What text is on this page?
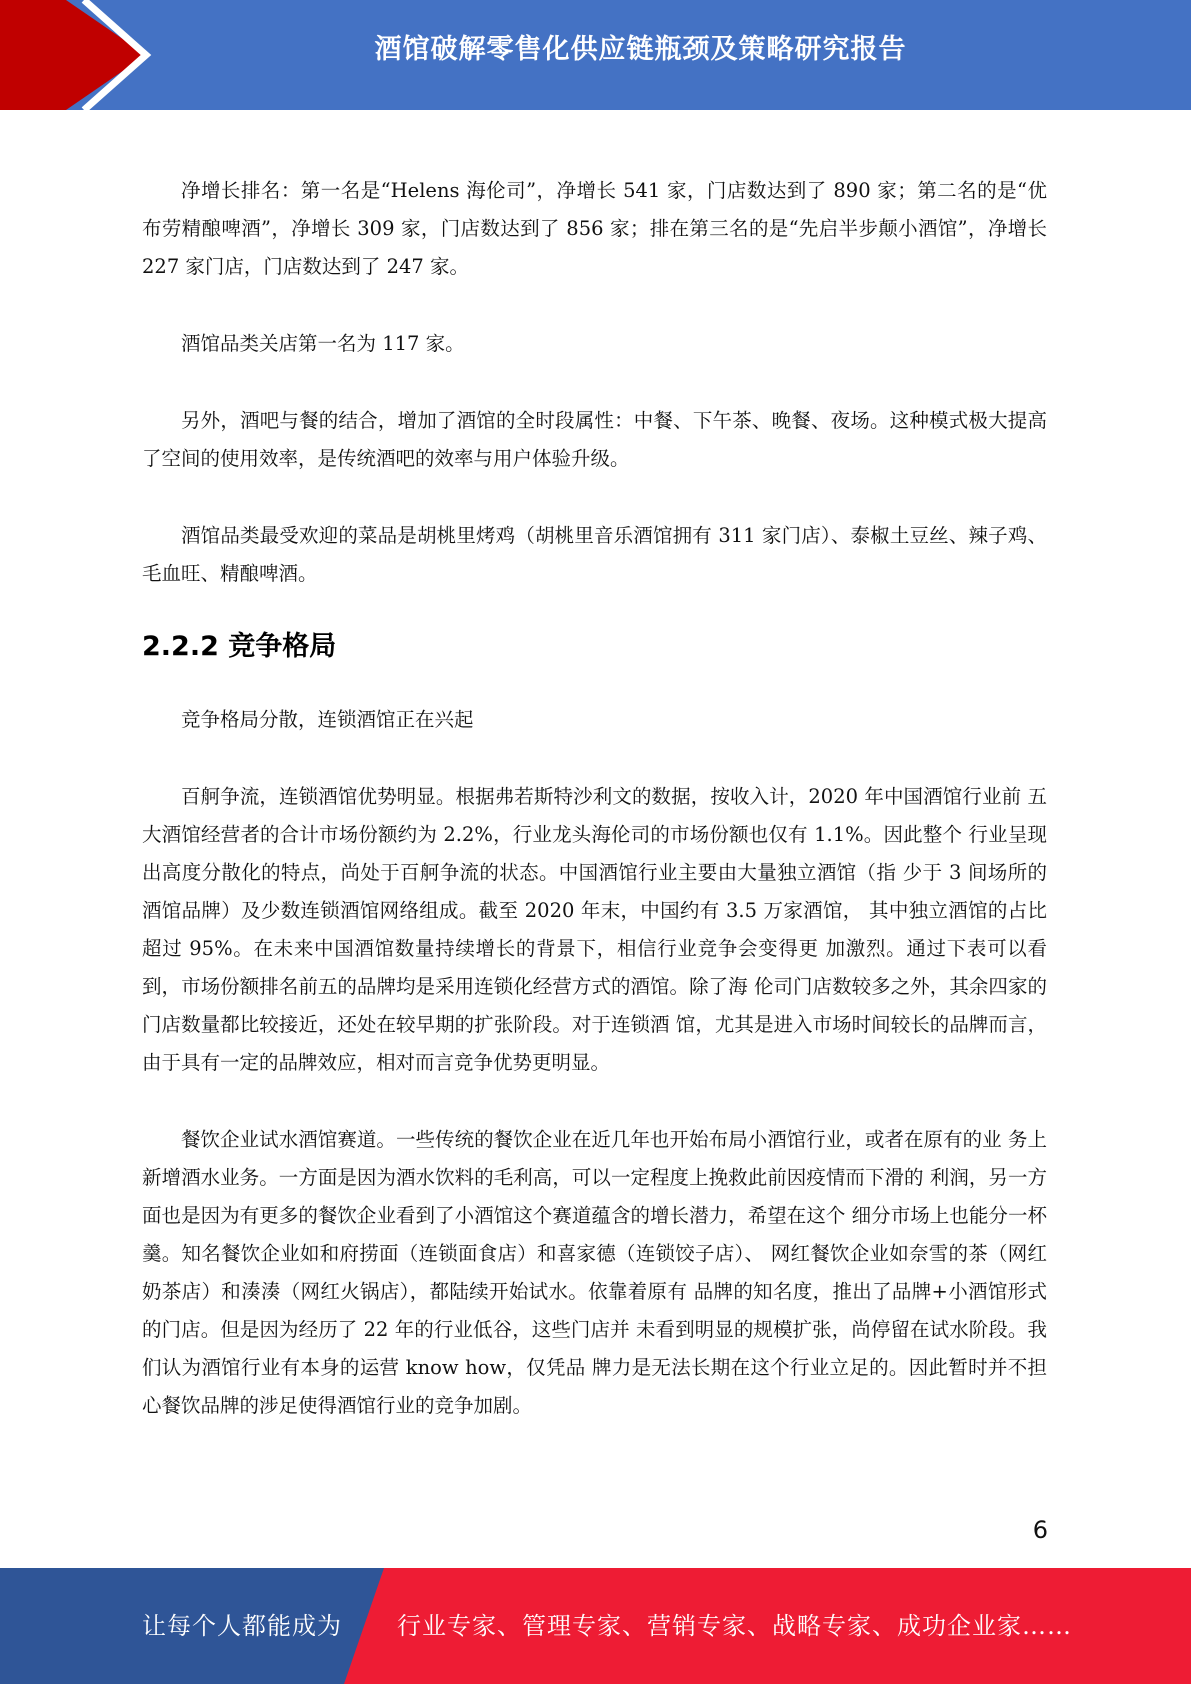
酒馆破解零售化供应链瓶颈及策略研究报告

净增长排名：第一名是“Helens 海伦司”，净增长 541 家，门店数达到了 890 家；第二名的是“优布劳精酿啤酒”，净增长 309 家，门店数达到了 856 家；排在第三名的是“先启半步颠小酒馆”，净增长 227 家门店，门店数达到了 247 家。

酒馆品类关店第一名为 117 家。

另外，酒吧与餐的结合，增加了酒馆的全时段属性：中餐、下午茶、晚餐、夜场。这种模式极大提高了空间的使用效率，是传统酒吧的效率与用户体验升级。

酒馆品类最受欢迎的菜品是胡桃里烤鸡（胡桃里音乐酒馆拥有 311 家门店）、泰椒土豆丝、辣子鸡、毛血旺、精酿啤酒。

2.2.2 竞争格局

竞争格局分散，连锁酒馆正在兴起

百舸争流，连锁酒馆优势明显。根据弗若斯特沙利文的数据，按收入计，2020 年中国酒馆行业前 五大酒馆经营者的合计市场份额约为 2.2%，行业龙头海伦司的市场份额也仅有 1.1%。因此整个 行业呈现出高度分散化的特点，尚处于百舸争流的状态。中国酒馆行业主要由大量独立酒馆（指 少于 3 间场所的酒馆品牌）及少数连锁酒馆网络组成。截至 2020 年末，中国约有 3.5 万家酒馆， 其中独立酒馆的占比超过 95%。在未来中国酒馆数量持续增长的背景下，相信行业竞争会变得更 加激烈。通过下表可以看到，市场份额排名前五的品牌均是采用连锁化经营方式的酒馆。除了海 伦司门店数较多之外，其余四家的门店数量都比较接近，还处在较早期的扩张阶段。对于连锁酒 馆，尤其是进入市场时间较长的品牌而言，由于具有一定的品牌效应，相对而言竞争优势更明显。

餐饮企业试水酒馆赛道。一些传统的餐饮企业在近几年也开始布局小酒馆行业，或者在原有的业 务上新增酒水业务。一方面是因为酒水饮料的毛利高，可以一定程度上挽救此前因疫情而下滑的 利润，另一方面也是因为有更多的餐饮企业看到了小酒馆这个赛道蕴含的增长潜力，希望在这个 细分市场上也能分一杯羹。知名餐饮企业如和府捞面（连锁面食店）和喜家德（连锁饺子店）、 网红餐饮企业如奈雪的茶（网红奶茶店）和湊湊（网红火锅店），都陆续开始试水。依靠着原有 品牌的知名度，推出了品牌+小酒馆形式的门店。但是因为经历了 22 年的行业低谷，这些门店并 未看到明显的规模扩张，尚停留在试水阶段。我们认为酒馆行业有本身的运营 know how，仅凭品 牌力是无法长期在这个行业立足的。因此暂时并不担心餐饮品牌的涉足使得酒馆行业的竞争加剧。

6
让每个人都能成为 行业专家、管理专家、营销专家、战略专家、成功企业家……
